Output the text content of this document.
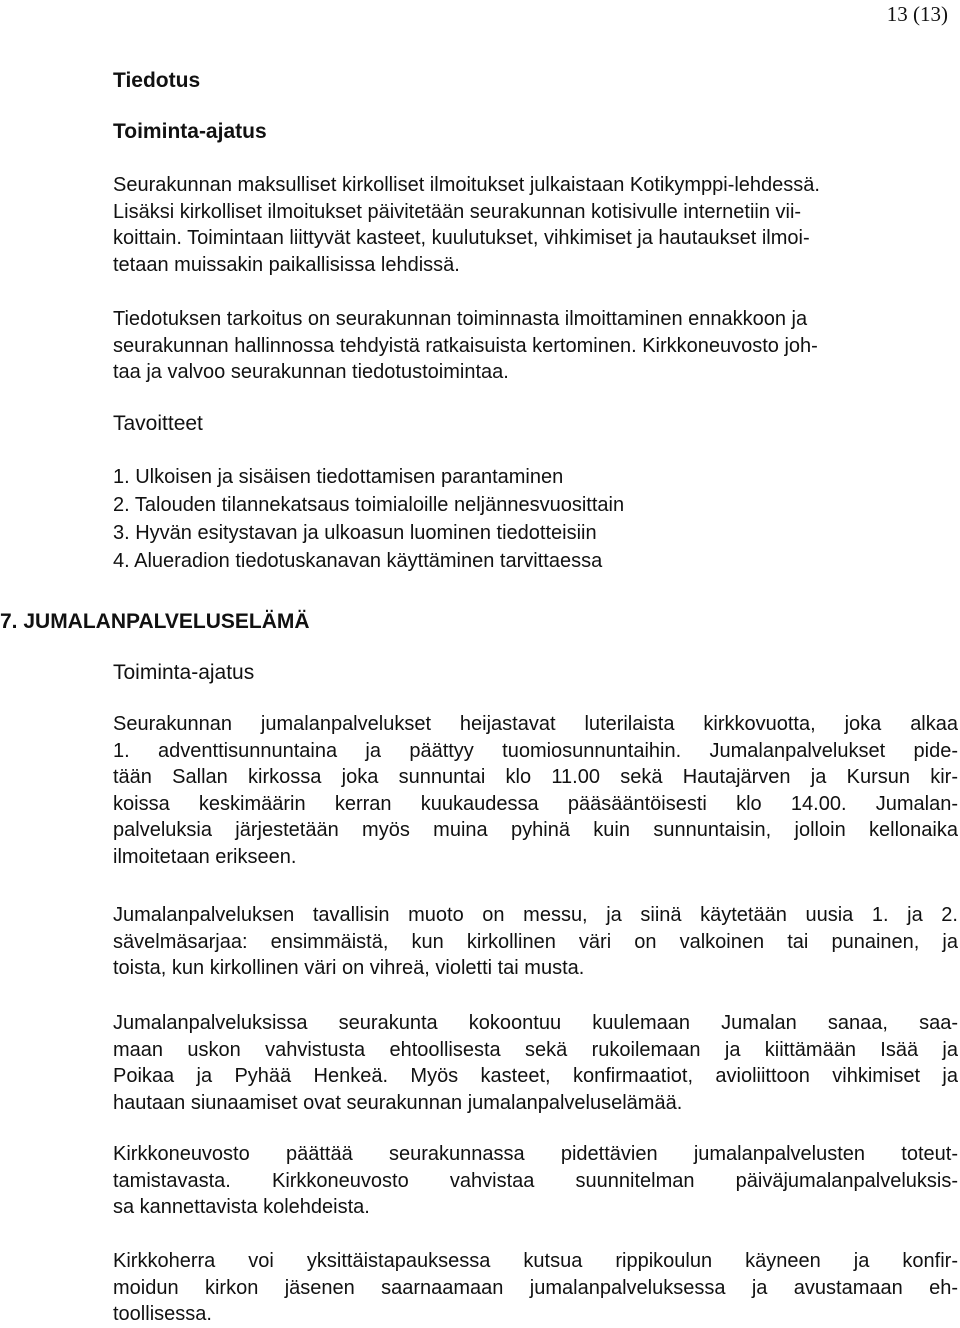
13 (13)
Tiedotus
Toiminta-ajatus
Seurakunnan maksulliset kirkolliset ilmoitukset julkaistaan Kotikymppi-lehdessä.
Lisäksi kirkolliset ilmoitukset päivitetään seurakunnan kotisivulle internetiin vii-
koittain. Toimintaan liittyvät kasteet, kuulutukset, vihkimiset ja hautaukset ilmoi-
tetaan muissakin paikallisissa lehdissä.
Tiedotuksen tarkoitus on seurakunnan toiminnasta ilmoittaminen ennakkoon ja
seurakunnan hallinnossa tehdyistä ratkaisuista kertominen. Kirkkoneuvosto joh-
taa ja valvoo seurakunnan tiedotustoimintaa.
Tavoitteet
1. Ulkoisen ja sisäisen tiedottamisen parantaminen
2. Talouden tilannekatsaus toimialoille neljännesvuosittain
3. Hyvän esitystavan ja ulkoasun luominen tiedotteisiin
4. Alueradion tiedotuskanavan käyttäminen tarvittaessa
7. JUMALANPALVELUSELÄMÄ
Toiminta-ajatus
Seurakunnan jumalanpalvelukset heijastavat luterilaista kirkkovuotta, joka alkaa
1. adventtisunnuntaina ja päättyy tuomiosunnuntaihin. Jumalanpalvelukset pide-
tään Sallan kirkossa joka sunnuntai klo 11.00 sekä Hautajärven ja Kursun kir-
koissa keskimäärin kerran kuukaudessa pääsääntöisesti klo 14.00. Jumalan-
palveluksia järjestetään myös muina pyhinä kuin sunnuntaisin, jolloin kellonaika
ilmoitetaan erikseen.
Jumalanpalveluksen tavallisin muoto on messu, ja siinä käytetään uusia 1. ja 2.
sävelmäsarjaa: ensimmäistä, kun kirkollinen väri on valkoinen tai punainen, ja
toista, kun kirkollinen väri on vihreä, violetti tai musta.
Jumalanpalveluksissa seurakunta kokoontuu kuulemaan Jumalan sanaa, saa-
maan uskon vahvistusta ehtoollisesta sekä rukoilemaan ja kiittämään Isää ja
Poikaa ja Pyhää Henkeä. Myös kasteet, konfirmaatiot, avioliittoon vihkimiset ja
hautaan siunaamiset ovat seurakunnan jumalanpalveluselämää.
Kirkkoneuvosto päättää seurakunnassa pidettävien jumalanpalvelusten toteut-
tamistavasta. Kirkkoneuvosto vahvistaa suunnitelman päiväjumalanpalveluksis-
sa kannettavista kolehdeista.
Kirkkoherra voi yksittäistapauksessa kutsua rippikoulun käyneen ja konfir-
moidun kirkon jäsenen saarnaamaan jumalanpalveluksessa ja avustamaan eh-
toollisessa.
